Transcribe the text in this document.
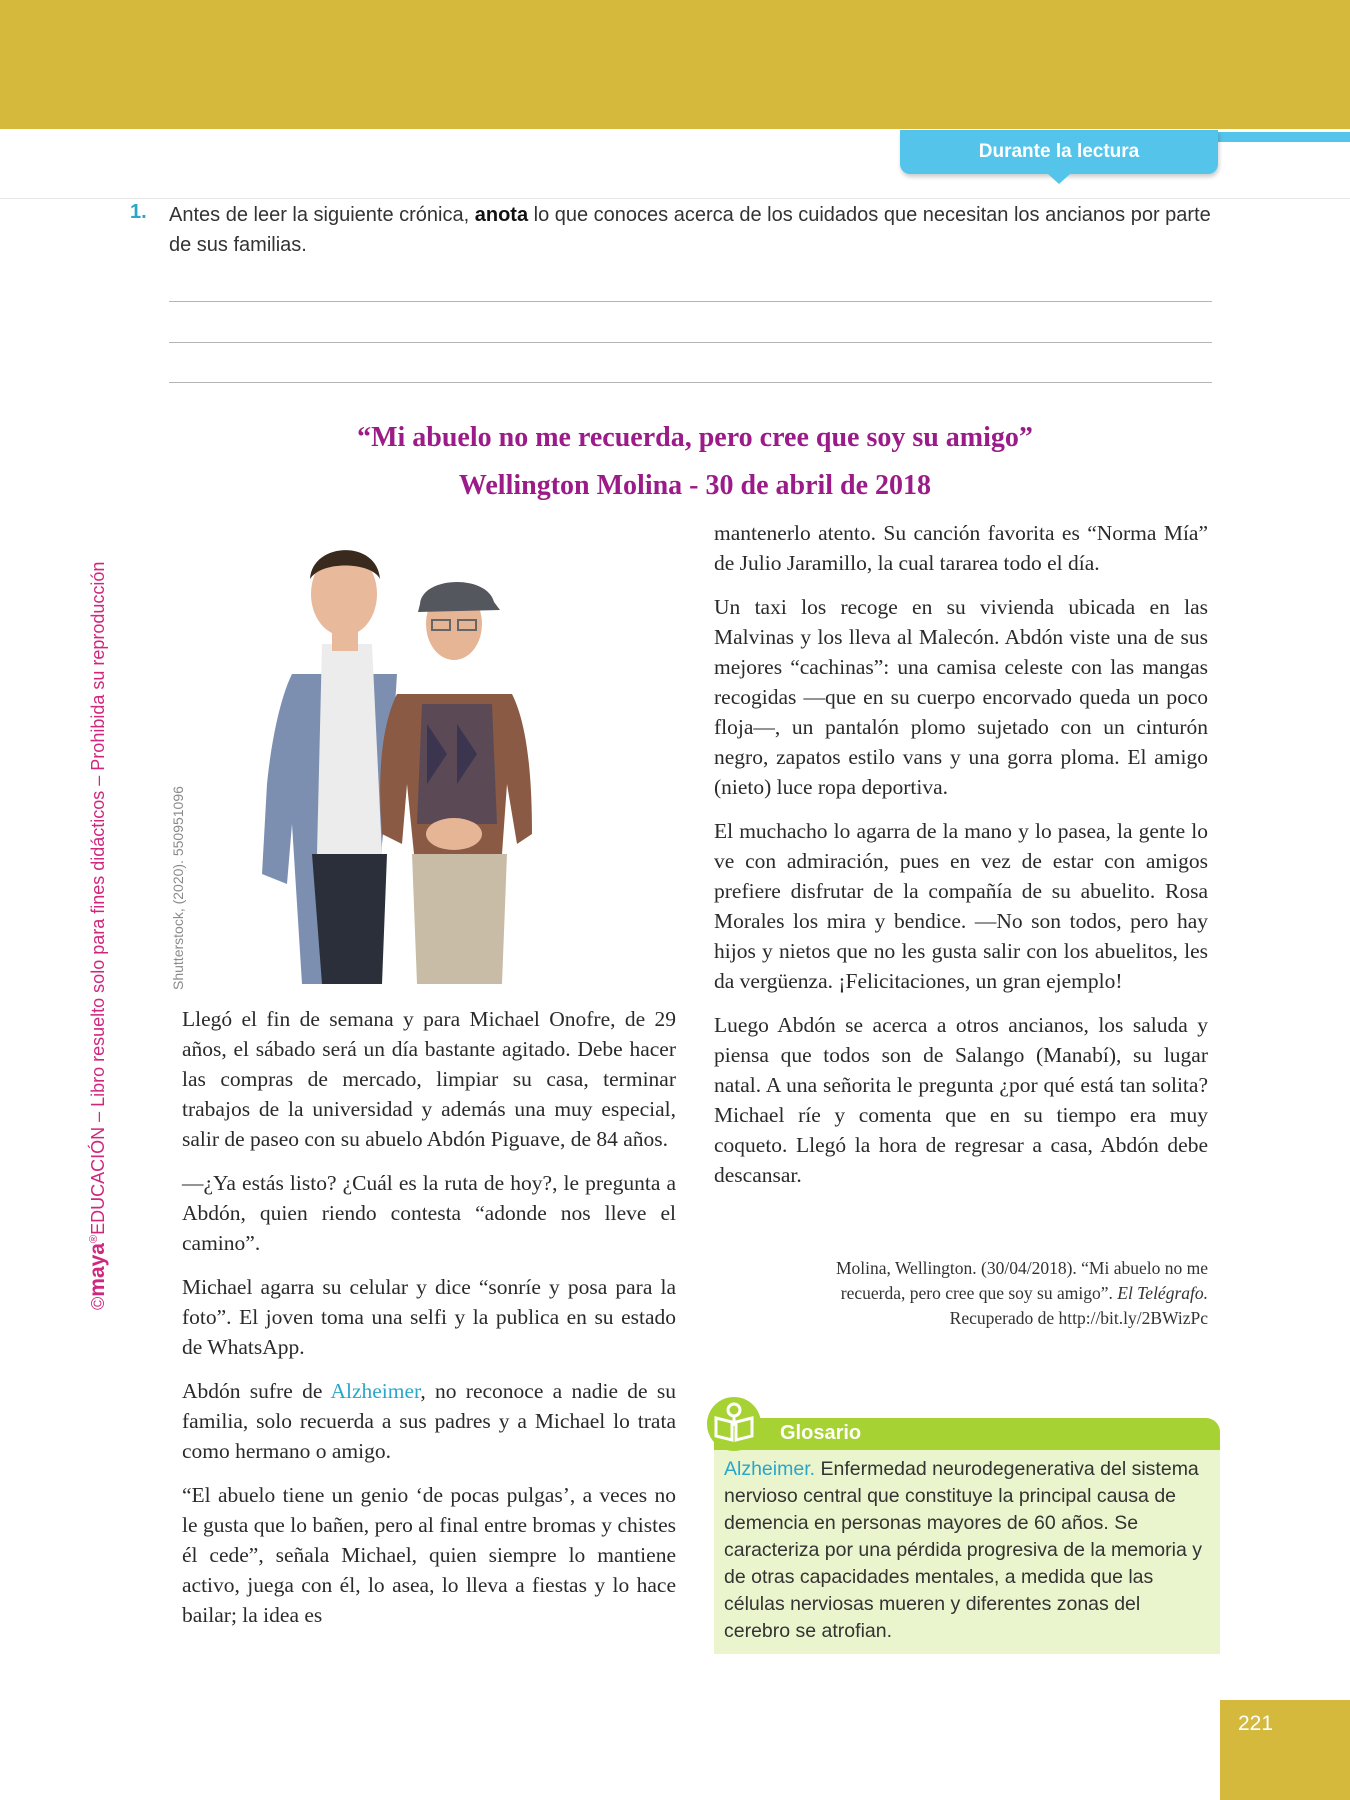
Durante la lectura
1. Antes de leer la siguiente crónica, anota lo que conoces acerca de los cuidados que necesitan los ancianos por parte de sus familias.
©maya®EDUCACIÓN – Libro resuelto solo para fines didácticos – Prohibida su reproducción	Shutterstock, (2020). 550951096
“Mi abuelo no me recuerda, pero cree que soy su amigo”
Wellington Molina - 30 de abril de 2018

Llegó el fin de semana y para Michael Onofre, de 29 años, el sábado será un día bastante agitado. Debe hacer las compras de mercado, limpiar su casa, terminar trabajos de la universidad y además una muy especial, salir de paseo con su abuelo Abdón Piguave, de 84 años.

—¿Ya estás listo? ¿Cuál es la ruta de hoy?, le pregunta a Abdón, quien riendo contesta “adonde nos lleve el camino”.

Michael agarra su celular y dice “sonríe y posa para la foto”. El joven toma una selfi y la publica en su estado de WhatsApp.

Abdón sufre de Alzheimer, no reconoce a nadie de su familia, solo recuerda a sus padres y a Michael lo trata como hermano o amigo.

“El abuelo tiene un genio ‘de pocas pulgas’, a veces no le gusta que lo bañen, pero al final entre bromas y chistes él cede”, señala Michael, quien siempre lo mantiene activo, juega con él, lo asea, lo lleva a fiestas y lo hace bailar; la idea es

mantenerlo atento. Su canción favorita es “Norma Mía” de Julio Jaramillo, la cual tararea todo el día.

Un taxi los recoge en su vivienda ubicada en las Malvinas y los lleva al Malecón. Abdón viste una de sus mejores “cachinas”: una camisa celeste con las mangas recogidas —que en su cuerpo encorvado queda un poco floja—, un pantalón plomo sujetado con un cinturón negro, zapatos estilo vans y una gorra ploma. El amigo (nieto) luce ropa deportiva.

El muchacho lo agarra de la mano y lo pasea, la gente lo ve con admiración, pues en vez de estar con amigos prefiere disfrutar de la compañía de su abuelito. Rosa Morales los mira y bendice. —No son todos, pero hay hijos y nietos que no les gusta salir con los abuelitos, les da vergüenza. ¡Felicitaciones, un gran ejemplo!

Luego Abdón se acerca a otros ancianos, los saluda y piensa que todos son de Salango (Manabí), su lugar natal. A una señorita le pregunta ¿por qué está tan solita? Michael ríe y comenta que en su tiempo era muy coqueto. Llegó la hora de regresar a casa, Abdón debe descansar.

Molina, Wellington. (30/04/2018). “Mi abuelo no me
recuerda, pero cree que soy su amigo”. El Telégrafo.
Recuperado de http://bit.ly/2BWizPc
Glosario
Alzheimer. Enfermedad neurodegenerativa del sistema nervioso central que constituye la principal causa de demencia en personas mayores de 60 años. Se caracteriza por una pérdida progresiva de la memoria y de otras capacidades mentales, a medida que las células nerviosas mueren y diferentes zonas del cerebro se atrofian.
221
